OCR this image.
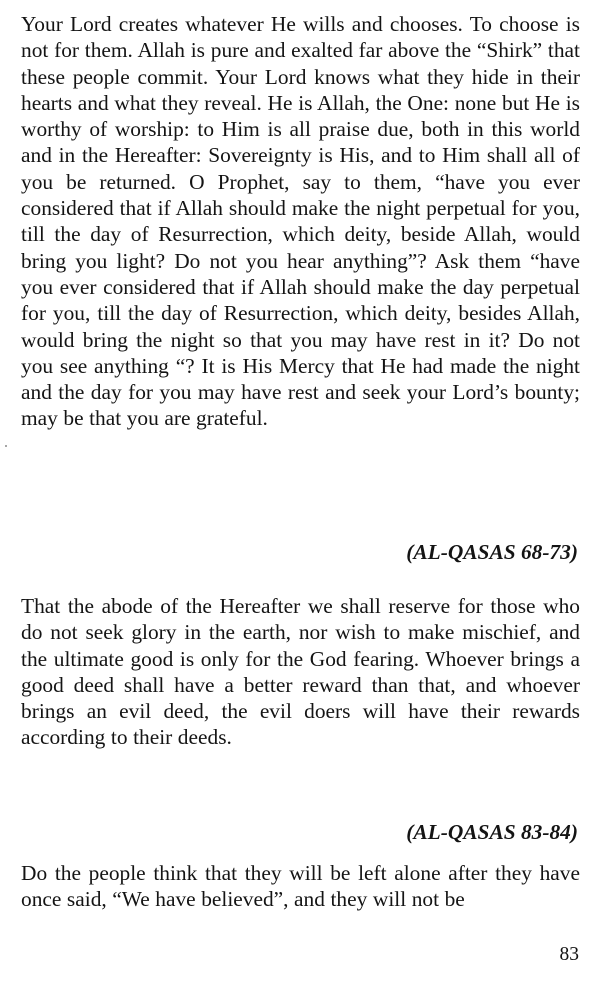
Your Lord creates whatever He wills and chooses. To choose is not for them. Allah is pure and exalted far above the “Shirk” that these people commit. Your Lord knows what they hide in their hearts and what they reveal. He is Allah, the One: none but He is worthy of worship: to Him is all praise due, both in this world and in the Hereafter: Sovereignty is His, and to Him shall all of you be returned. O Prophet, say to them, “have you ever considered that if Allah should make the night perpetual for you, till the day of Resurrection, which deity, beside Allah, would bring you light? Do not you hear anything”? Ask them “have you ever considered that if Allah should make the day perpetual for you, till the day of Resurrection, which deity, besides Allah, would bring the night so that you may have rest in it? Do not you see anything “? It is His Mercy that He had made the night and the day for you may have rest and seek your Lord’s bounty; may be that you are grateful.

(AL-QASAS 68-73)

That the abode of the Hereafter we shall reserve for those who do not seek glory in the earth, nor wish to make mischief, and the ultimate good is only for the God fearing. Whoever brings a good deed shall have a better reward than that, and whoever brings an evil deed, the evil doers will have their rewards according to their deeds.

(AL-QASAS 83-84)

Do the people think that they will be left alone after they have once said, “We have believed”, and they will not be

83
